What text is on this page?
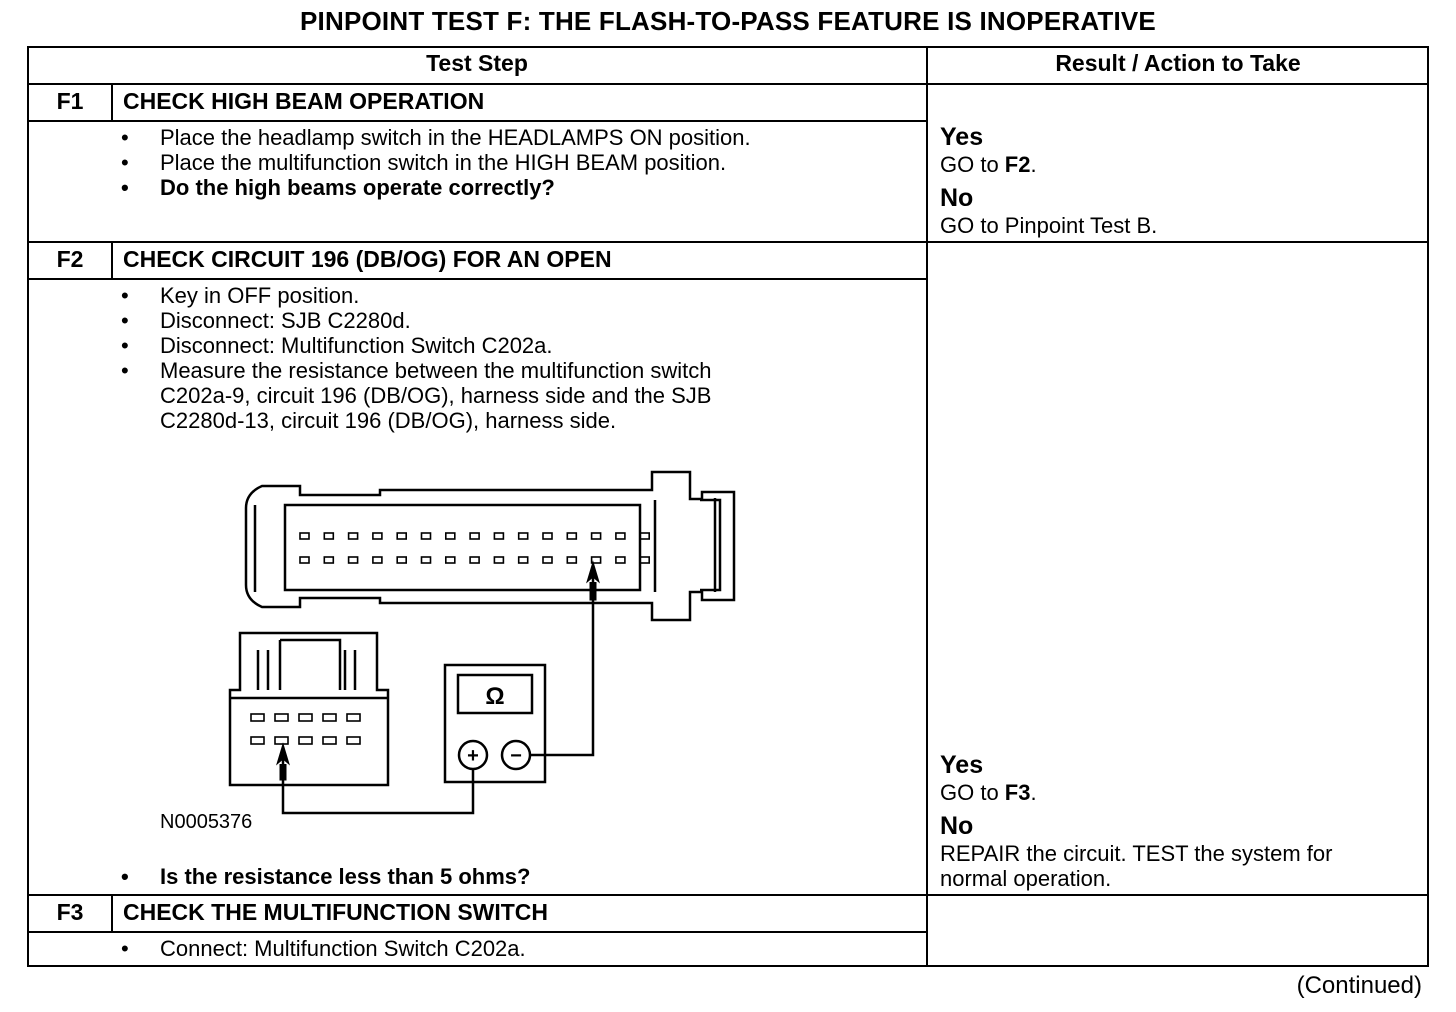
PINPOINT TEST F: THE FLASH-TO-PASS FEATURE IS INOPERATIVE
Test Step	Result / Action to Take
F1	CHECK HIGH BEAM OPERATION
• Place the headlamp switch in the HEADLAMPS ON position.
• Place the multifunction switch in the HIGH BEAM position.
• Do the high beams operate correctly?
Yes
GO to F2.
No
GO to Pinpoint Test B.
F2	CHECK CIRCUIT 196 (DB/OG) FOR AN OPEN
• Key in OFF position.
• Disconnect: SJB C2280d.
• Disconnect: Multifunction Switch C202a.
• Measure the resistance between the multifunction switch
C202a-9, circuit 196 (DB/OG), harness side and the SJB
C2280d-13, circuit 196 (DB/OG), harness side.
Ω
+ −
N0005376
• Is the resistance less than 5 ohms?
Yes
GO to F3.
No
REPAIR the circuit. TEST the system for
normal operation.
F3	CHECK THE MULTIFUNCTION SWITCH
• Connect: Multifunction Switch C202a.
(Continued)
